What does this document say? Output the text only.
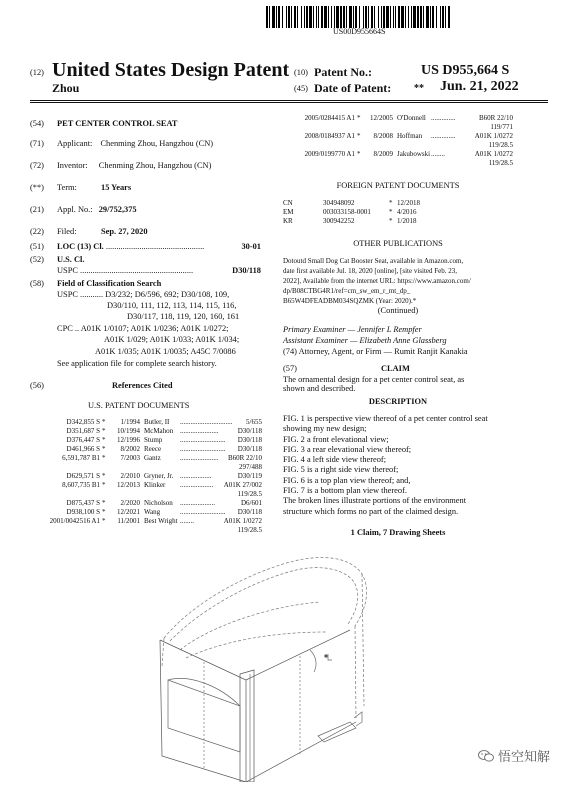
US00D955664S
(12) United States Design Patent (10) Patent No.:	US D955,664 S
Zhou	(45) Date of Patent: ** Jun. 21, 2022
(54) PET CENTER CONTROL SEAT
(71) Applicant: Chenming Zhou, Hangzhou (CN)
(72) Inventor: Chenming Zhou, Hangzhou (CN)
(**) Term:	15 Years
(21) Appl. No.: 29/752,375
(22) Filed:	Sep. 27, 2020
(51) LOC (13) Cl. ...............................................	30-01
(52) U.S. Cl.
USPC ......................................................	D30/118
(58) Field of Classification Search
USPC ........... D3/232; D6/596, 692; D30/108, 109,
D30/110, 111, 112, 113, 114, 115, 116,
D30/117, 118, 119, 120, 160, 161
CPC .. A01K 1/0107; A01K 1/0236; A01K 1/0272;
A01K 1/029; A01K 1/033; A01K 1/034;
A01K 1/035; A01K 1/0035; A45C 7/0086
See application file for complete search history.
(56)	References Cited
U.S. PATENT DOCUMENTS
D342,855 S * 1/1994 Butler, II .............................. 5/655
D351,687 S * 10/1994 McMahon ......................	D30/118
D376,447 S * 12/1996 Stump	.......................... D30/118
D461,966 S * 8/2002 Reece	.......................... D30/118
6,591,787 B1 * 7/2003 Gantz	...................... B60R 22/10
297/488
D629,571 S * 2/2010 Gryner, Jr. ..................	D30/119
8,607,735 B1 * 12/2013 Klinker ................... A01K 27/002
119/28.5
D875,437 S * 2/2020 Nicholson ....................	D6/601
D938,100 S * 12/2021 Wang	.......................... D30/118
2001/0042516 A1 * 11/2001 Best Wright ........	A01K 1/0272
119/28.5
2005/0284415 A1 * 12/2005 O'Donnell ..............	B60R 22/10
119/771
2008/0184937 A1 * 8/2008 Hoffman ..............	A01K 1/0272
119/28.5
2009/0199770 A1 * 8/2009 Jakubowski ........	A01K 1/0272
119/28.5
FOREIGN PATENT DOCUMENTS
CN	304948092	* 12/2018
EM	003033158-0001	* 4/2016
KR	300942252	* 1/2018
OTHER PUBLICATIONS
Dotoutd Small Dog Cat Booster Seat, available in Amazon.com,
date first available Jul. 18, 2020 [online], [site visited Feb. 23,
2022], Available from the internet URL: https://www.amazon.com/
dp/B08CTBG4R1/ref=cm_sw_em_r_mt_dp_
B65W4DFEADBM034SQZMK (Year: 2020).*
(Continued)
Primary Examiner — Jennifer L Rempfer
Assistant Examiner — Elizabeth Anne Glassberg
(74) Attorney, Agent, or Firm — Rumit Ranjit Kanakia
(57)	CLAIM
The ornamental design for a pet center control seat, as
shown and described.
DESCRIPTION
FIG. 1 is perspective view thereof of a pet center control seat
showing my new design;
FIG. 2 a front elevational view;
FIG. 3 a rear elevational view thereof;
FIG. 4 a left side view thereof;
FIG. 5 is a right side view thereof;
FIG. 6 is a top plan view thereof; and,
FIG. 7 is a bottom plan view thereof.
The broken lines illustrate portions of the environment
structure which forms no part of the claimed design.
1 Claim, 7 Drawing Sheets
悟空知解
